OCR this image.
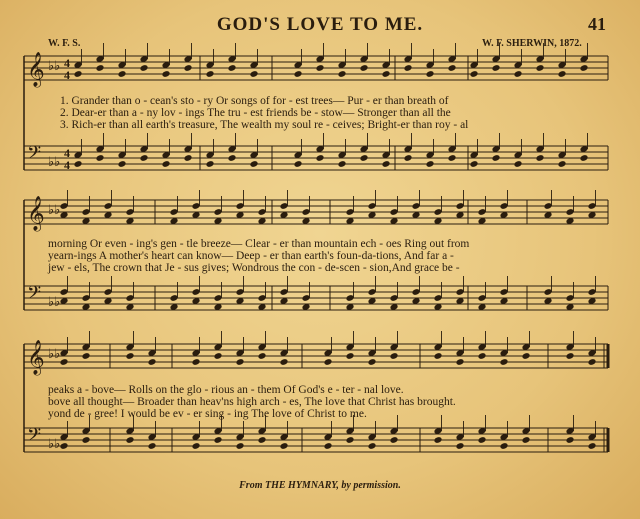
GOD'S LOVE TO ME.	41
W. F. S.	W. F. SHERWIN, 1872.
𝄞 ♭♭
𝄢 ♭♭
4
4
4
4
𝄞 ♭♭
𝄢 ♭♭
𝄞 ♭♭
𝄢 ♭♭
1. Grander than o - cean's sto - ry Or songs of for - est trees— Pur - er than breath of
2. Dear-er than a - ny lov - ings The tru - est friends be - stow— Stronger than all the
3. Rich-er than all earth's treasure, The wealth my soul re - ceives; Bright-er than roy - al
morning Or even - ing's gen - tle breeze— Clear - er than mountain ech - oes Ring out from
yearn-ings A mother's heart can know— Deep - er than earth's foun-da-tions, And far a -
jew - els, The crown that Je - sus gives; Wondrous the con - de-scen - sion,And grace be -
peaks a - bove— Rolls on the glo - rious an - them Of God's e - ter - nal love.
bove all thought— Broader than heav'ns high arch - es, The love that Christ has brought.
yond de - gree! I would be ev - er sing - ing The love of Christ to me.
From THE HYMNARY, by permission.
